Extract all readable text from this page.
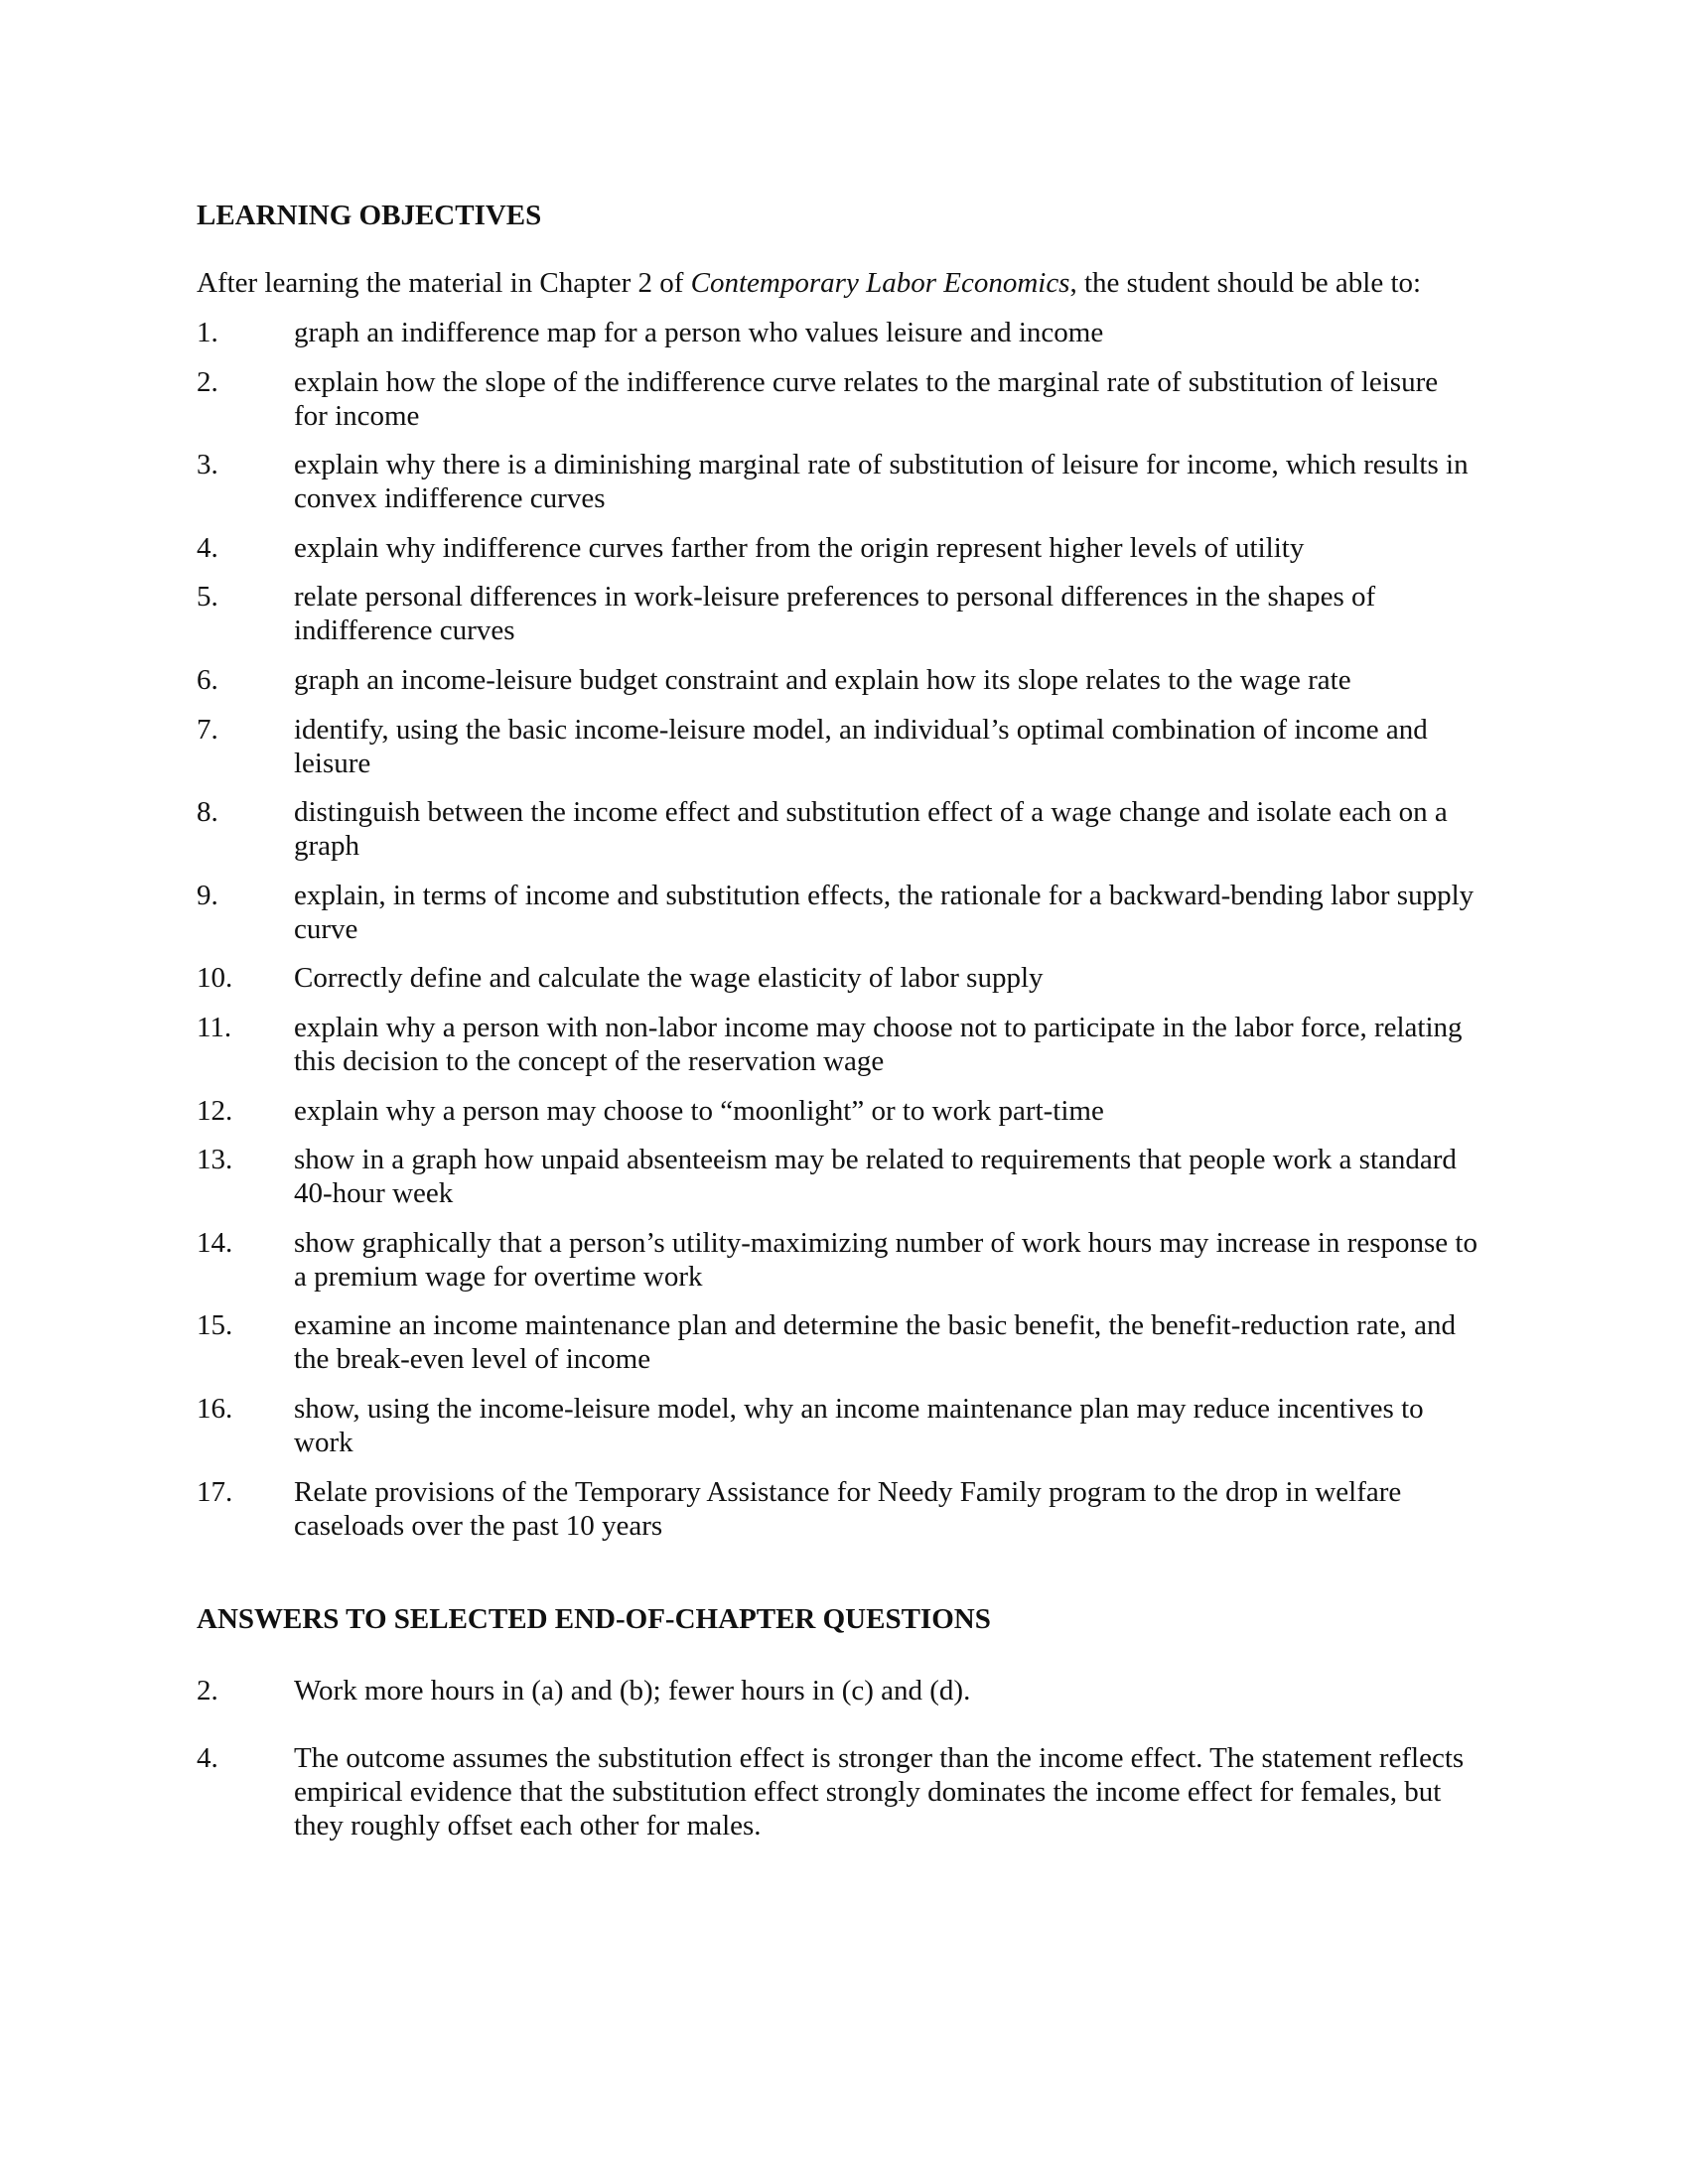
LEARNING OBJECTIVES
After learning the material in Chapter 2 of Contemporary Labor Economics, the student should be able to:
1.	graph an indifference map for a person who values leisure and income
2.	explain how the slope of the indifference curve relates to the marginal rate of substitution of leisure for income
3.	explain why there is a diminishing marginal rate of substitution of leisure for income, which results in convex indifference curves
4.	explain why indifference curves farther from the origin represent higher levels of utility
5.	relate personal differences in work-leisure preferences to personal differences in the shapes of indifference curves
6.	graph an income-leisure budget constraint and explain how its slope relates to the wage rate
7.	identify, using the basic income-leisure model, an individual’s optimal combination of income and leisure
8.	distinguish between the income effect and substitution effect of a wage change and isolate each on a graph
9.	explain, in terms of income and substitution effects, the rationale for a backward-bending labor supply curve
10.	Correctly define and calculate the wage elasticity of labor supply
11.	explain why a person with non-labor income may choose not to participate in the labor force, relating this decision to the concept of the reservation wage
12.	explain why a person may choose to “moonlight” or to work part-time
13.	show in a graph how unpaid absenteeism may be related to requirements that people work a standard 40-hour week
14.	show graphically that a person’s utility-maximizing number of work hours may increase in response to a premium wage for overtime work
15.	examine an income maintenance plan and determine the basic benefit, the benefit-reduction rate, and the break-even level of income
16.	show, using the income-leisure model, why an income maintenance plan may reduce incentives to work
17.	Relate provisions of the Temporary Assistance for Needy Family program to the drop in welfare caseloads over the past 10 years
ANSWERS TO SELECTED END-OF-CHAPTER QUESTIONS
2.	Work more hours in (a) and (b); fewer hours in (c) and (d).
4.	The outcome assumes the substitution effect is stronger than the income effect. The statement reflects empirical evidence that the substitution effect strongly dominates the income effect for females, but they roughly offset each other for males.
